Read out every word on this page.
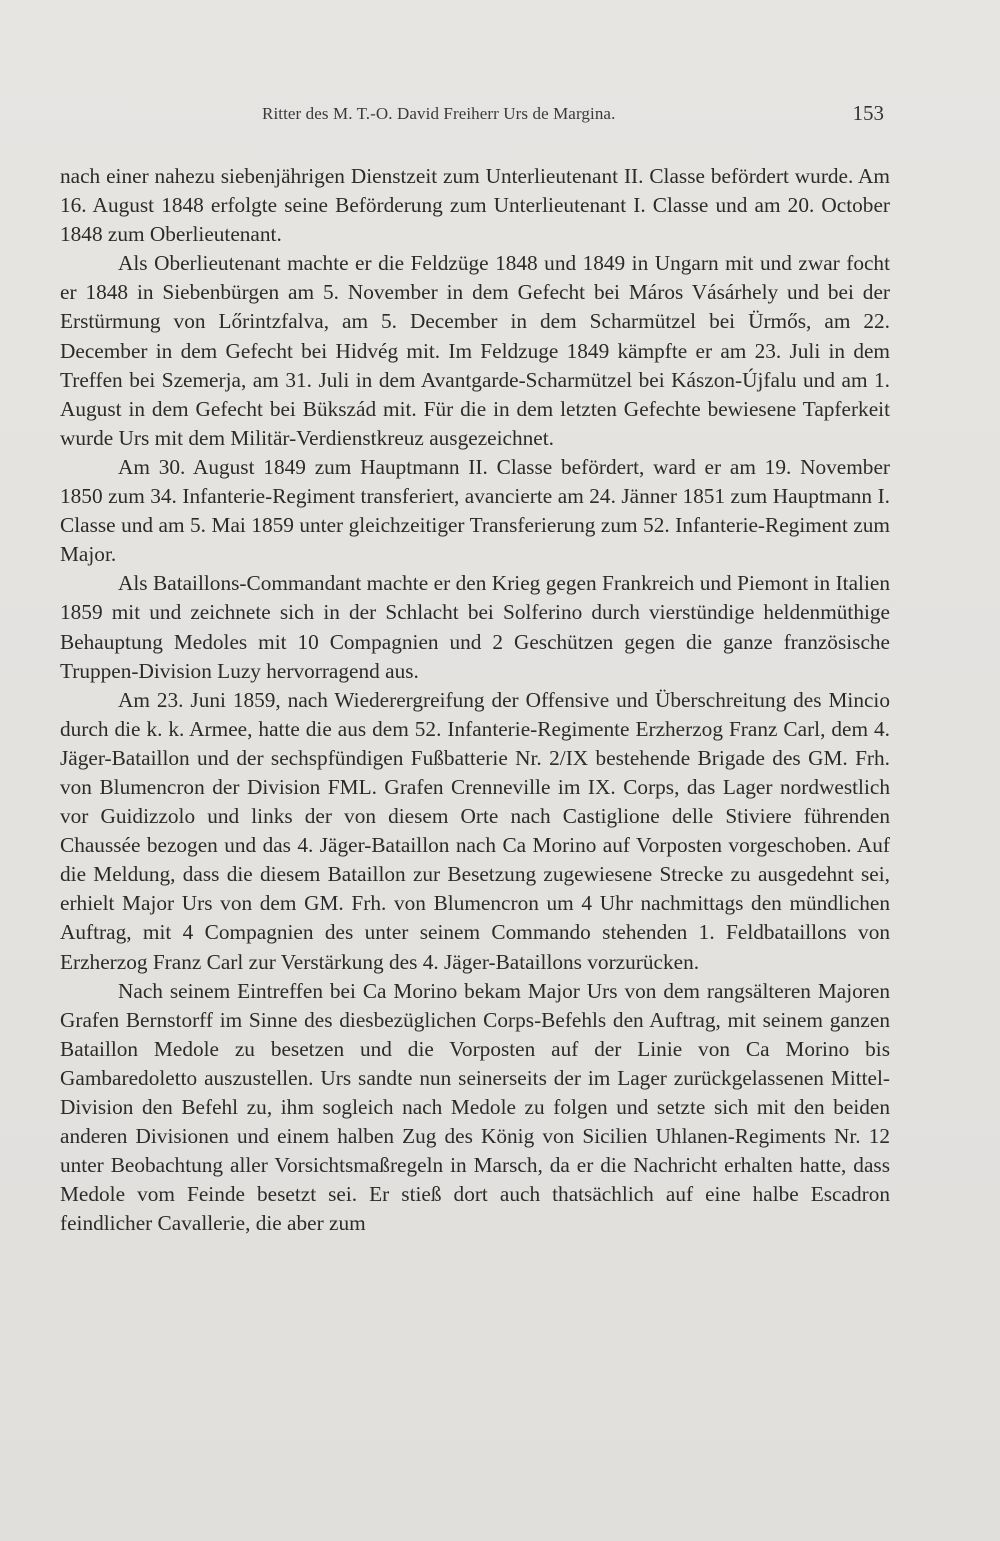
Ritter des M. T.-O. David Freiherr Urs de Margina.	153

nach einer nahezu siebenjährigen Dienstzeit zum Unterlieutenant II. Classe befördert wurde. Am 16. August 1848 erfolgte seine Beförderung zum Unterlieutenant I. Classe und am 20. October 1848 zum Oberlieutenant.

Als Oberlieutenant machte er die Feldzüge 1848 und 1849 in Ungarn mit und zwar focht er 1848 in Siebenbürgen am 5. November in dem Gefecht bei Máros Vásárhely und bei der Erstürmung von Lőrintzfalva, am 5. December in dem Scharmützel bei Ürmős, am 22. December in dem Gefecht bei Hidvég mit. Im Feldzuge 1849 kämpfte er am 23. Juli in dem Treffen bei Szemerja, am 31. Juli in dem Avantgarde-Scharmützel bei Kászon-Újfalu und am 1. August in dem Gefecht bei Bükszád mit. Für die in dem letzten Gefechte bewiesene Tapferkeit wurde Urs mit dem Militär-Verdienstkreuz ausgezeichnet.

Am 30. August 1849 zum Hauptmann II. Classe befördert, ward er am 19. November 1850 zum 34. Infanterie-Regiment transferiert, avancierte am 24. Jänner 1851 zum Hauptmann I. Classe und am 5. Mai 1859 unter gleichzeitiger Transferierung zum 52. Infanterie-Regiment zum Major.

Als Bataillons-Commandant machte er den Krieg gegen Frankreich und Piemont in Italien 1859 mit und zeichnete sich in der Schlacht bei Solferino durch vierstündige heldenmüthige Behauptung Medoles mit 10 Compagnien und 2 Geschützen gegen die ganze französische Truppen-Division Luzy hervorragend aus.

Am 23. Juni 1859, nach Wiederergreifung der Offensive und Überschreitung des Mincio durch die k. k. Armee, hatte die aus dem 52. Infanterie-Regimente Erzherzog Franz Carl, dem 4. Jäger-Bataillon und der sechspfündigen Fußbatterie Nr. 2/IX bestehende Brigade des GM. Frh. von Blumencron der Division FML. Grafen Crenneville im IX. Corps, das Lager nordwestlich vor Guidizzolo und links der von diesem Orte nach Castiglione delle Stiviere führenden Chaussée bezogen und das 4. Jäger-Bataillon nach Ca Morino auf Vorposten vorgeschoben. Auf die Meldung, dass die diesem Bataillon zur Besetzung zugewiesene Strecke zu ausgedehnt sei, erhielt Major Urs von dem GM. Frh. von Blumencron um 4 Uhr nachmittags den mündlichen Auftrag, mit 4 Compagnien des unter seinem Commando stehenden 1. Feldbataillons von Erzherzog Franz Carl zur Verstärkung des 4. Jäger-Bataillons vorzurücken.

Nach seinem Eintreffen bei Ca Morino bekam Major Urs von dem rangsälteren Majoren Grafen Bernstorff im Sinne des diesbezüglichen Corps-Befehls den Auftrag, mit seinem ganzen Bataillon Medole zu besetzen und die Vorposten auf der Linie von Ca Morino bis Gambaredoletto auszustellen. Urs sandte nun seinerseits der im Lager zurückgelassenen Mittel-Division den Befehl zu, ihm sogleich nach Medole zu folgen und setzte sich mit den beiden anderen Divisionen und einem halben Zug des König von Sicilien Uhlanen-Regiments Nr. 12 unter Beobachtung aller Vorsichtsmaßregeln in Marsch, da er die Nachricht erhalten hatte, dass Medole vom Feinde besetzt sei. Er stieß dort auch thatsächlich auf eine halbe Escadron feindlicher Cavallerie, die aber zum
